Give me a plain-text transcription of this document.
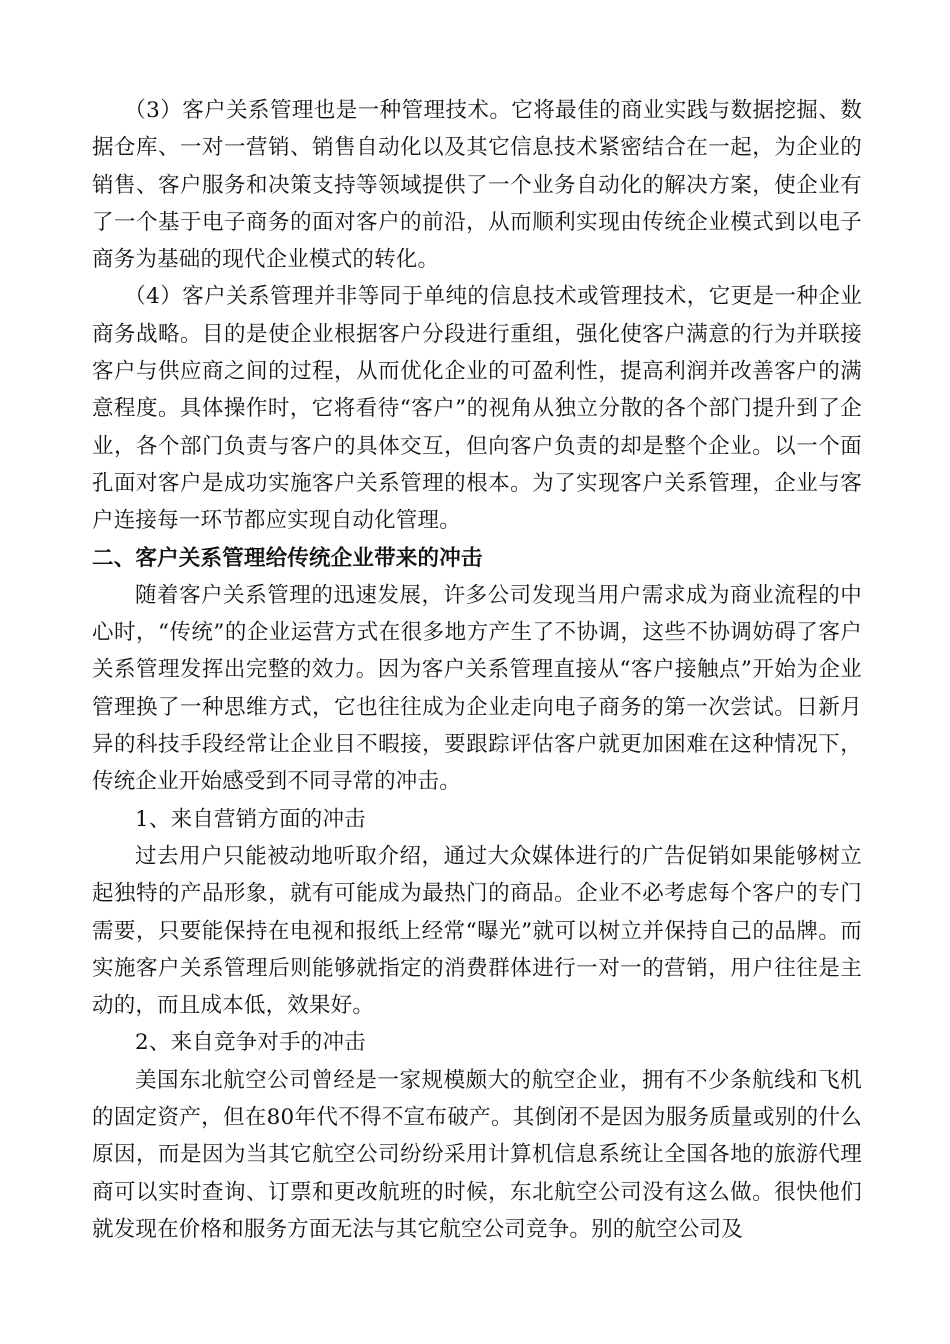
（3）客户关系管理也是一种管理技术。它将最佳的商业实践与数据挖掘、数据仓库、一对一营销、销售自动化以及其它信息技术紧密结合在一起，为企业的销售、客户服务和决策支持等领域提供了一个业务自动化的解决方案，使企业有了一个基于电子商务的面对客户的前沿，从而顺利实现由传统企业模式到以电子商务为基础的现代企业模式的转化。

（4）客户关系管理并非等同于单纯的信息技术或管理技术，它更是一种企业商务战略。目的是使企业根据客户分段进行重组，强化使客户满意的行为并联接客户与供应商之间的过程，从而优化企业的可盈利性，提高利润并改善客户的满意程度。具体操作时，它将看待“客户”的视角从独立分散的各个部门提升到了企业，各个部门负责与客户的具体交互，但向客户负责的却是整个企业。以一个面孔面对客户是成功实施客户关系管理的根本。为了实现客户关系管理，企业与客户连接每一环节都应实现自动化管理。

二、客户关系管理给传统企业带来的冲击

随着客户关系管理的迅速发展，许多公司发现当用户需求成为商业流程的中心时，“传统”的企业运营方式在很多地方产生了不协调，这些不协调妨碍了客户关系管理发挥出完整的效力。因为客户关系管理直接从“客户接触点”开始为企业管理换了一种思维方式，它也往往成为企业走向电子商务的第一次尝试。日新月异的科技手段经常让企业目不暇接，要跟踪评估客户就更加困难在这种情况下，传统企业开始感受到不同寻常的冲击。

1、来自营销方面的冲击

过去用户只能被动地听取介绍，通过大众媒体进行的广告促销如果能够树立起独特的产品形象，就有可能成为最热门的商品。企业不必考虑每个客户的专门需要，只要能保持在电视和报纸上经常“曝光”就可以树立并保持自己的品牌。而实施客户关系管理后则能够就指定的消费群体进行一对一的营销，用户往往是主动的，而且成本低，效果好。

2、来自竞争对手的冲击

美国东北航空公司曾经是一家规模颇大的航空企业，拥有不少条航线和飞机的固定资产，但在80年代不得不宣布破产。其倒闭不是因为服务质量或别的什么原因，而是因为当其它航空公司纷纷采用计算机信息系统让全国各地的旅游代理商可以实时查询、订票和更改航班的时候，东北航空公司没有这么做。很快他们就发现在价格和服务方面无法与其它航空公司竞争。别的航空公司及
